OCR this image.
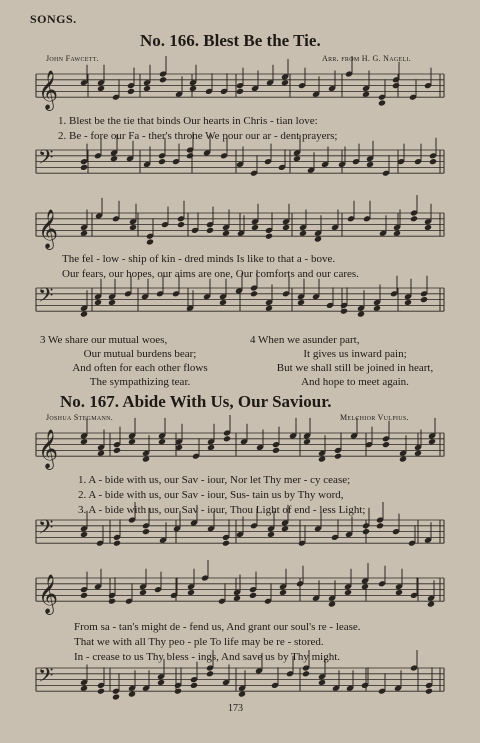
SONGS.
No. 166. Blest Be the Tie.
John Fawcett.	Arr. from H. G. Nageli.
1. Blest be the tie that binds Our hearts in Chris - tian love:
2. Be - fore our Fa - ther's throne We pour our ar - dent prayers;
The fel - low - ship of kin - dred minds Is like to that a - bove.
Our fears, our hopes, our aims are one, Our comforts and our cares.
3 We share our mutual woes,
Our mutual burdens bear;
And often for each other flows
The sympathizing tear.
4 When we asunder part,
It gives us inward pain;
But we shall still be joined in heart,
And hope to meet again.
No. 167. Abide With Us, Our Saviour.
Joshua Stegmann.	Melchior Vulpius.
1. A - bide with us, our Sav - iour, Nor let Thy mer - cy cease;
2. A - bide with us, our Sav - iour, Sus- tain us by Thy word,
3. A - bide with us, our Sav - iour, Thou Light of end - less Light;
From sa - tan's might de - fend us, And grant our soul's re - lease.
That we with all Thy peo - ple To life may be re - stored.
In - crease to us Thy bless - ings, And save us by Thy might.
173
𝄞
𝄢
𝄞
𝄢
𝄞
𝄢
𝄞
𝄢
